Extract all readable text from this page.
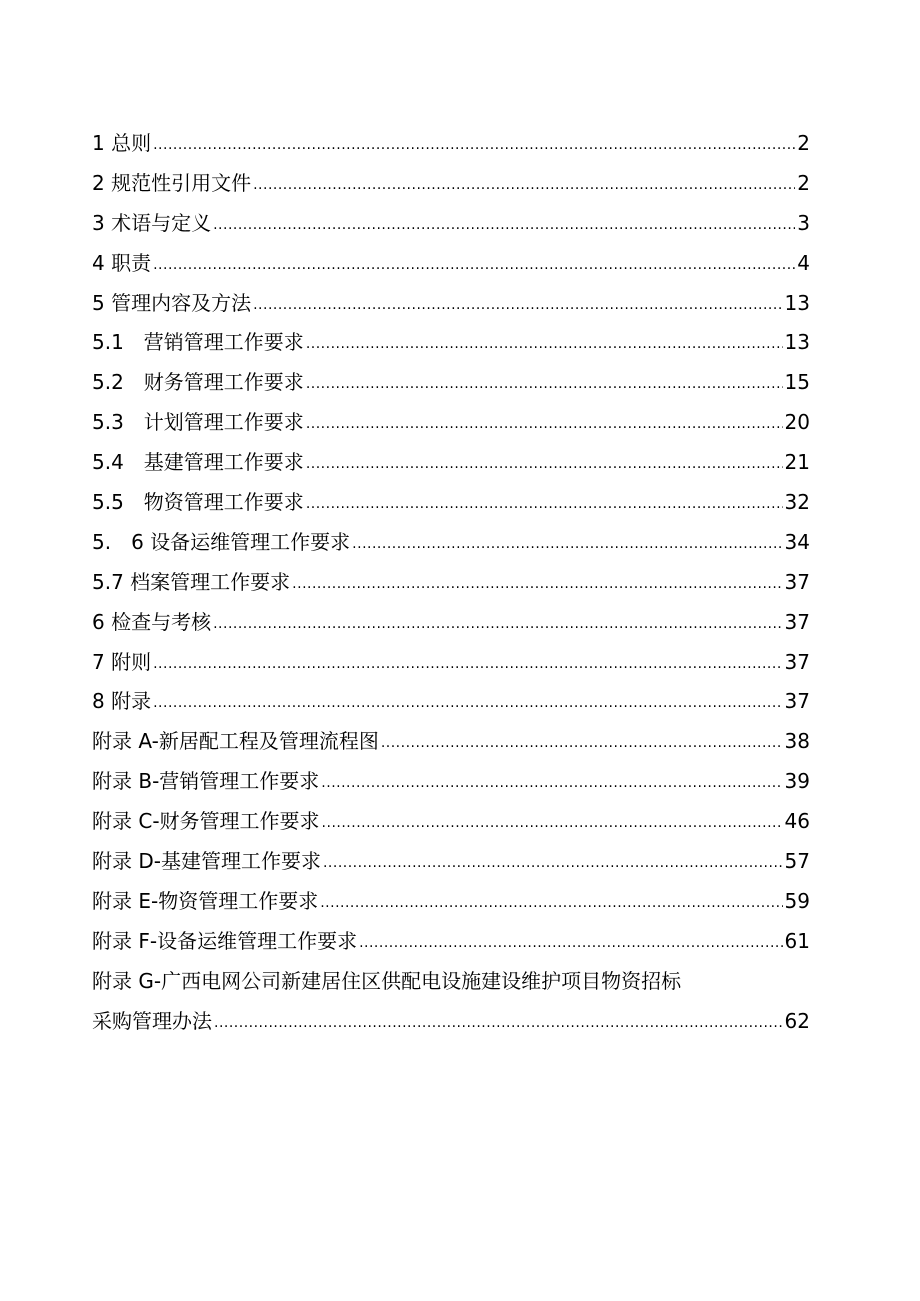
1 总则 .....	2
2 规范性引用文件 .....	2
3 术语与定义 .....	3
4 职责 .....	4
5 管理内容及方法 .....	13
5.1　营销管理工作要求 .....	13
5.2　财务管理工作要求 .....	15
5.3　计划管理工作要求 .....	20
5.4　基建管理工作要求 .....	21
5.5　物资管理工作要求 .....	32
5.　6 设备运维管理工作要求 .....	34
5.7 档案管理工作要求 .....	37
6 检查与考核 .....	37
7 附则 .....	37
8 附录 .....	37
附录 A-新居配工程及管理流程图 .....	38
附录 B-营销管理工作要求 .....	39
附录 C-财务管理工作要求 .....	46
附录 D-基建管理工作要求 .....	57
附录 E-物资管理工作要求 .....	59
附录 F-设备运维管理工作要求 .....	61
附录 G-广西电网公司新建居住区供配电设施建设维护项目物资招标
采购管理办法 .....	62
